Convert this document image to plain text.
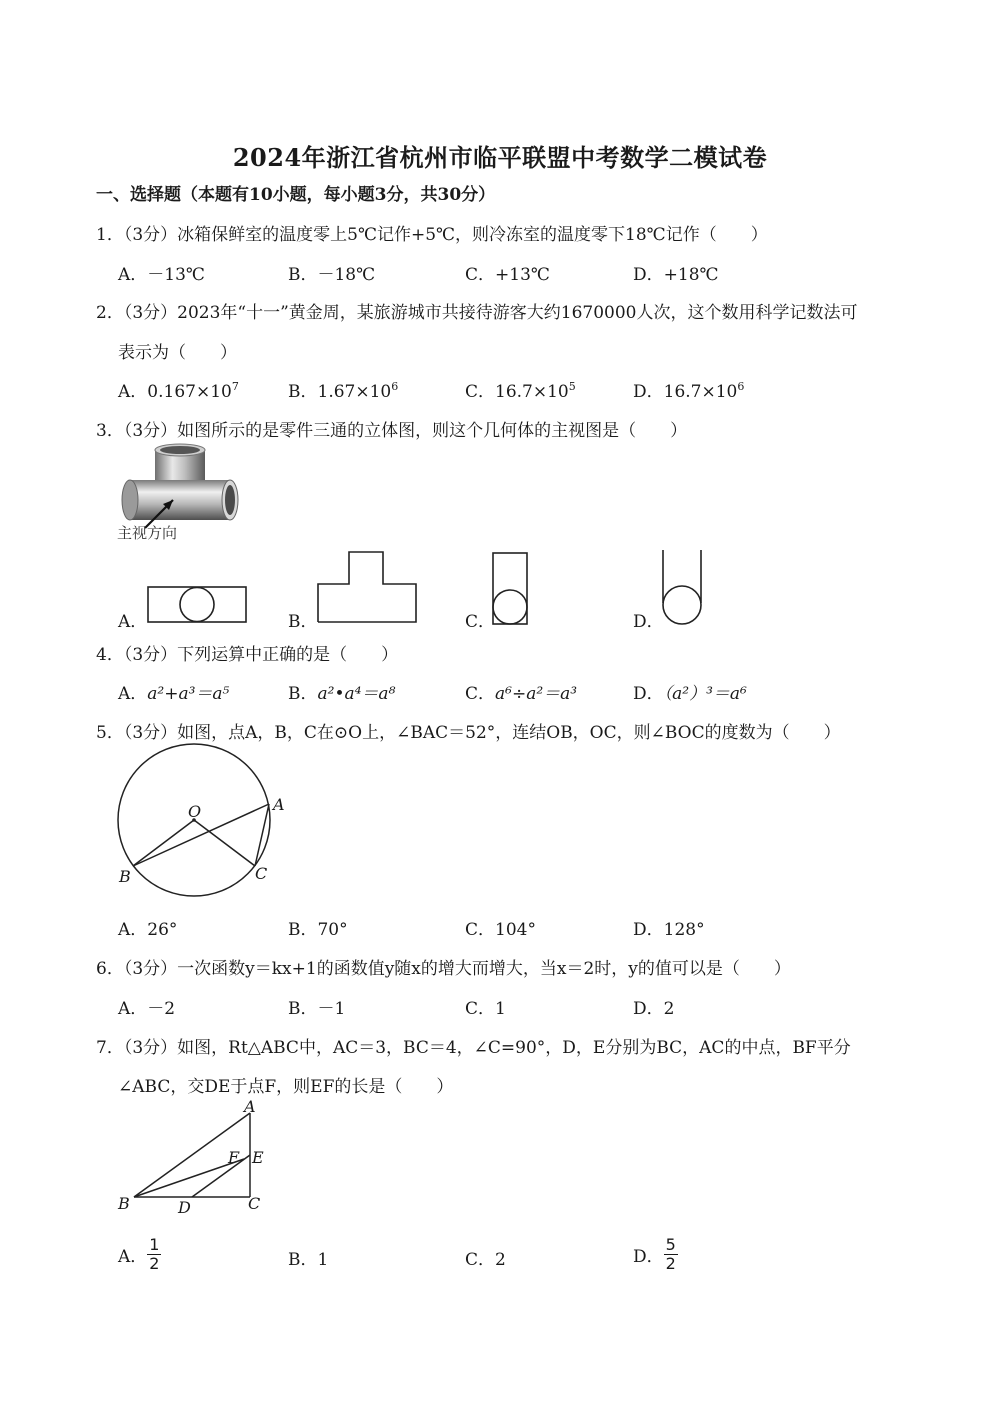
2024年浙江省杭州市临平联盟中考数学二模试卷
一、选择题（本题有10小题，每小题3分，共30分）
1．（3分）冰箱保鲜室的温度零上5℃记作+5℃，则冷冻室的温度零下18℃记作（　　）
A．－13℃	B．－18℃	C．+13℃	D．+18℃
2．（3分）2023年“十一”黄金周，某旅游城市共接待游客大约1670000人次，这个数用科学记数法可
表示为（　　）
A．$0.167\times 10^7$	B．$1.67\times 10^6$	C．$16.7\times 10^5$	D．$16.7\times 10^6$
3．（3分）如图所示的是零件三通的立体图，则这个几何体的主视图是（　　）
主视方向
A．	B．	C．	D．
4．（3分）下列运算中正确的是（　　）
A．a²+a³＝a⁵	B．a²•a⁴＝a⁸	C．a⁶÷a²＝a³	D．（a²）³＝a⁶
5．（3分）如图，点A，B，C在⊙O上，∠BAC＝52°，连结OB，OC，则∠BOC的度数为（　　）
O	A
B	C
A．26°	B．70°	C．104°	D．128°
6．（3分）一次函数y＝kx+1的函数值y随x的增大而增大，当x＝2时，y的值可以是（　　）
A．－2	B．－1	C．1	D．2
7．（3分）如图，Rt△ABC中，AC＝3，BC＝4，∠C=90°，D，E分别为BC，AC的中点，BF平分
∠ABC，交DE于点F，则EF的长是（　　）
A
F E
B	D	C
A． $\frac{1}{2}$	B．1	C．2	D． $\frac{5}{2}$
